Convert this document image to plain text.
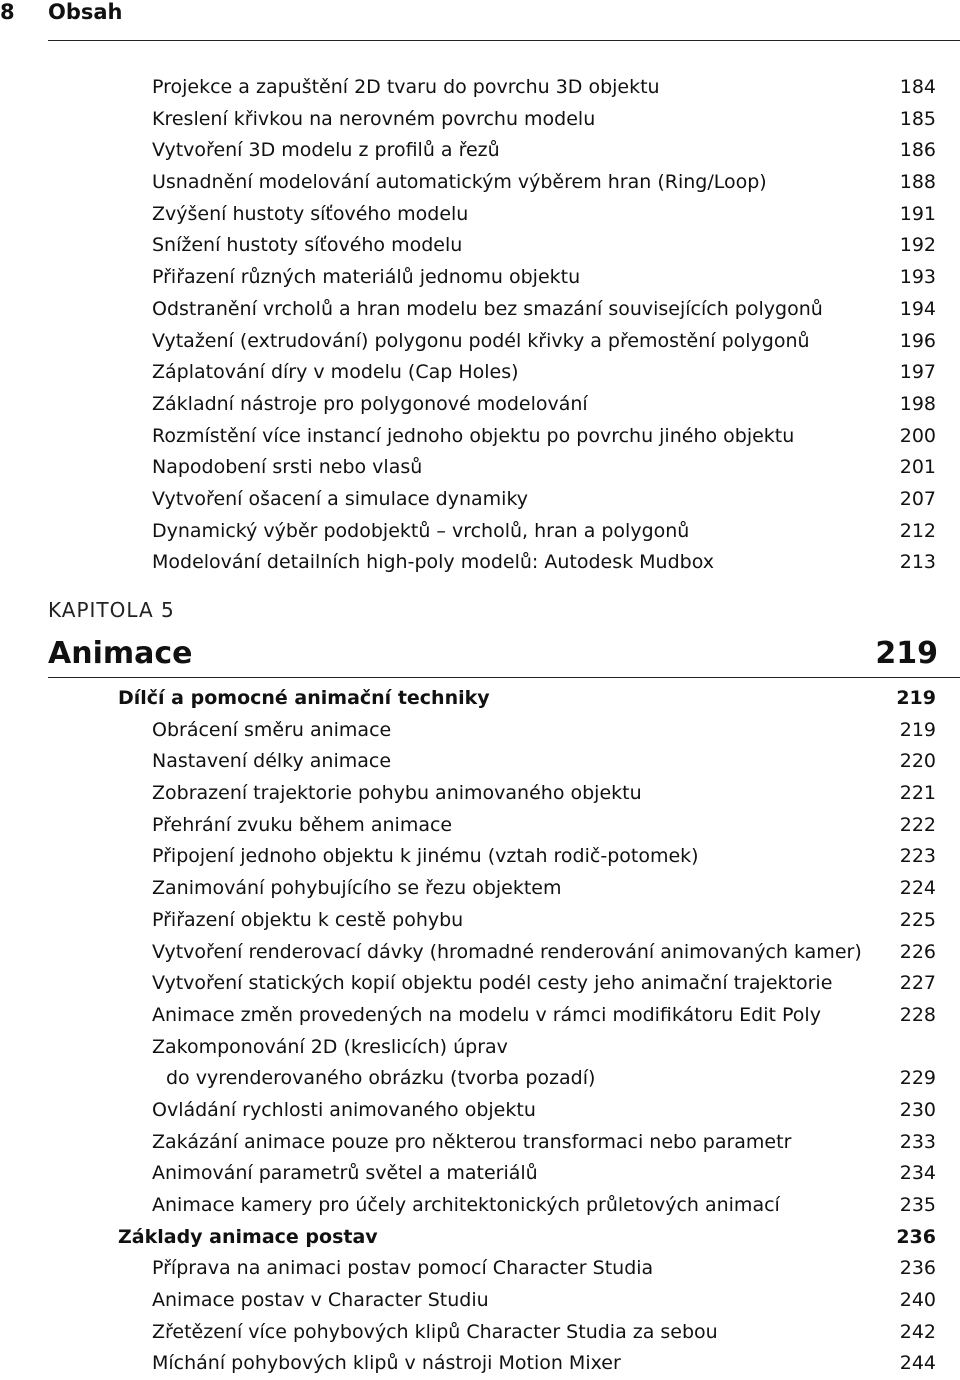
8 Obsah
Projekce a zapuštění 2D tvaru do povrchu 3D objektu	184
Kreslení křivkou na nerovném povrchu modelu	185
Vytvoření 3D modelu z profilů a řezů	186
Usnadnění modelování automatickým výběrem hran (Ring/Loop)	188
Zvýšení hustoty síťového modelu	191
Snížení hustoty síťového modelu	192
Přiřazení různých materiálů jednomu objektu	193
Odstranění vrcholů a hran modelu bez smazání souvisejících polygonů	194
Vytažení (extrudování) polygonu podél křivky a přemostění polygonů	196
Záplatování díry v modelu (Cap Holes)	197
Základní nástroje pro polygonové modelování	198
Rozmístění více instancí jednoho objektu po povrchu jiného objektu	200
Napodobení srsti nebo vlasů	201
Vytvoření ošacení a simulace dynamiky	207
Dynamický výběr podobjektů – vrcholů, hran a polygonů	212
Modelování detailních high-poly modelů: Autodesk Mudbox	213
KAPITOLA 5
Animace	219
Dílčí a pomocné animační techniky	219
Obrácení směru animace	219
Nastavení délky animace	220
Zobrazení trajektorie pohybu animovaného objektu	221
Přehrání zvuku během animace	222
Připojení jednoho objektu k jinému (vztah rodič-potomek)	223
Zanimování pohybujícího se řezu objektem	224
Přiřazení objektu k cestě pohybu	225
Vytvoření renderovací dávky (hromadné renderování animovaných kamer) 226
Vytvoření statických kopií objektu podél cesty jeho animační trajektorie	227
Animace změn provedených na modelu v rámci modifikátoru Edit Poly	228
Zakomponování 2D (kreslicích) úprav
do vyrenderovaného obrázku (tvorba pozadí)	229
Ovládání rychlosti animovaného objektu	230
Zakázání animace pouze pro některou transformaci nebo parametr	233
Animování parametrů světel a materiálů	234
Animace kamery pro účely architektonických průletových animací	235
Základy animace postav	236
Příprava na animaci postav pomocí Character Studia	236
Animace postav v Character Studiu	240
Zřetězení více pohybových klipů Character Studia za sebou	242
Míchání pohybových klipů v nástroji Motion Mixer	244
